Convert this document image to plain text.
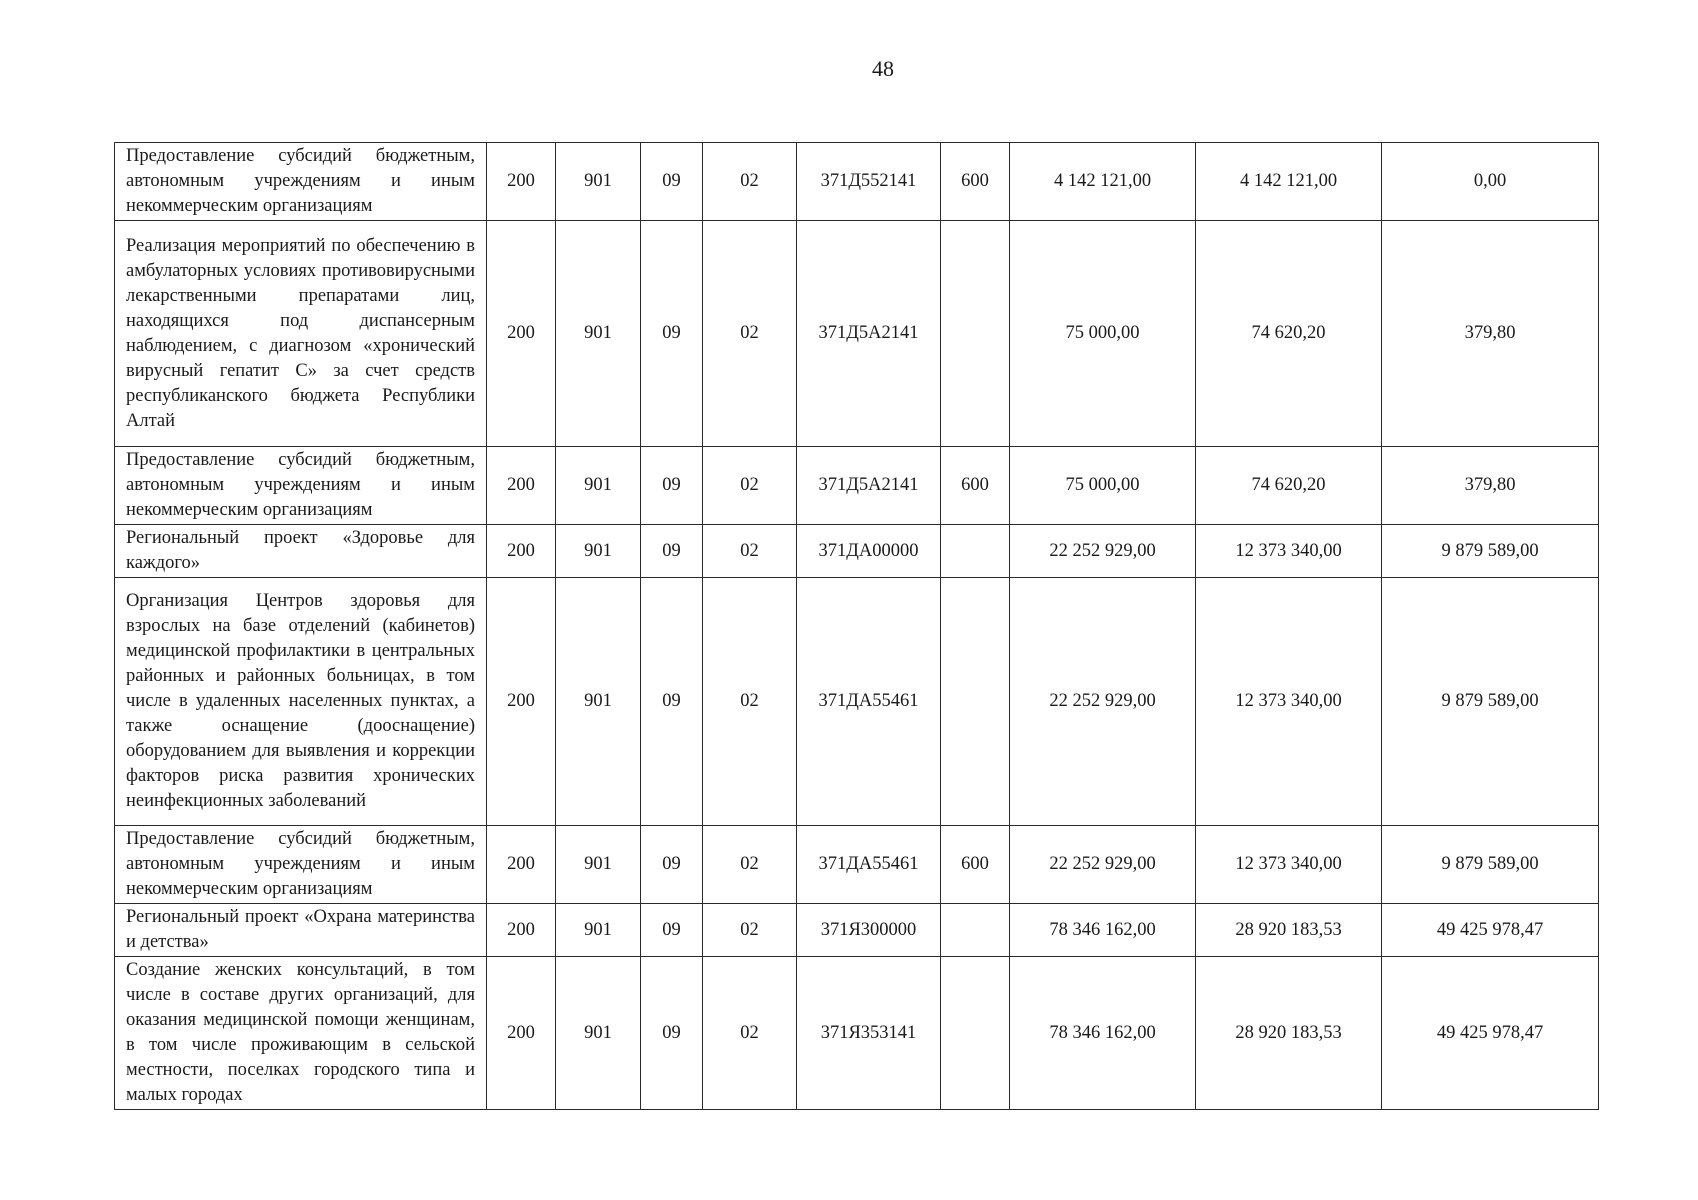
48
Предоставление субсидий бюджетным, автономным учреждениям и иным некоммерческим организациям	200	901	09	02	371Д552141	600	4 142 121,00	4 142 121,00	0,00
Реализация мероприятий по обеспечению в амбулаторных условиях противовирусными лекарственными препаратами лиц, находящихся под диспансерным наблюдением, с диагнозом «хронический вирусный гепатит С» за счет средств республиканского бюджета Республики Алтай	200	901	09	02	371Д5А2141		75 000,00	74 620,20	379,80
Предоставление субсидий бюджетным, автономным учреждениям и иным некоммерческим организациям	200	901	09	02	371Д5А2141	600	75 000,00	74 620,20	379,80
Региональный проект «Здоровье для каждого»	200	901	09	02	371ДА00000		22 252 929,00	12 373 340,00	9 879 589,00
Организация Центров здоровья для взрослых на базе отделений (кабинетов) медицинской профилактики в центральных районных и районных больницах, в том числе в удаленных населенных пунктах, а также оснащение (дооснащение) оборудованием для выявления и коррекции факторов риска развития хронических неинфекционных заболеваний	200	901	09	02	371ДА55461		22 252 929,00	12 373 340,00	9 879 589,00
Предоставление субсидий бюджетным, автономным учреждениям и иным некоммерческим организациям	200	901	09	02	371ДА55461	600	22 252 929,00	12 373 340,00	9 879 589,00
Региональный проект «Охрана материнства и детства»	200	901	09	02	371Я300000		78 346 162,00	28 920 183,53	49 425 978,47
Создание женских консультаций, в том числе в составе других организаций, для оказания медицинской помощи женщинам, в том числе проживающим в сельской местности, поселках городского типа и малых городах	200	901	09	02	371Я353141		78 346 162,00	28 920 183,53	49 425 978,47
